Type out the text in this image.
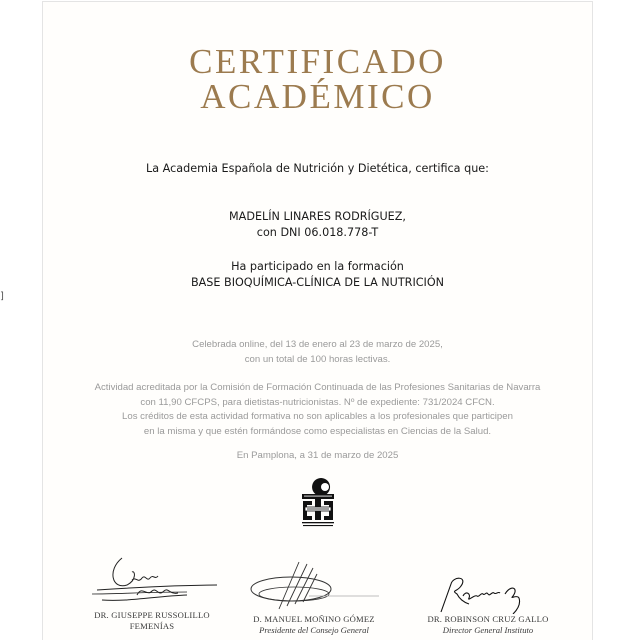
]
CERTIFICADO
ACADÉMICO
La Academia Española de Nutrición y Dietética, certifica que:
MADELÍN LINARES RODRÍGUEZ,
con DNI 06.018.778-T
Ha participado en la formación
BASE BIOQUÍMICA-CLÍNICA DE LA NUTRICIÓN
Celebrada online, del 13 de enero al 23 de marzo de 2025,
con un total de 100 horas lectivas.
Actividad acreditada por la Comisión de Formación Continuada de las Profesiones Sanitarias de Navarra
con 11,90 CFCPS, para dietistas-nutricionistas. Nº de expediente: 731/2024 CFCN.
Los créditos de esta actividad formativa no son aplicables a los profesionales que participen
en la misma y que estén formándose como especialistas en Ciencias de la Salud.
En Pamplona, a 31 de marzo de 2025
DR. GIUSEPPE RUSSOLILLO
FEMENÍAS
D. MANUEL MOÑINO GÓMEZ
Presidente del Consejo General
DR. ROBINSON CRUZ GALLO
Director General Instituto
